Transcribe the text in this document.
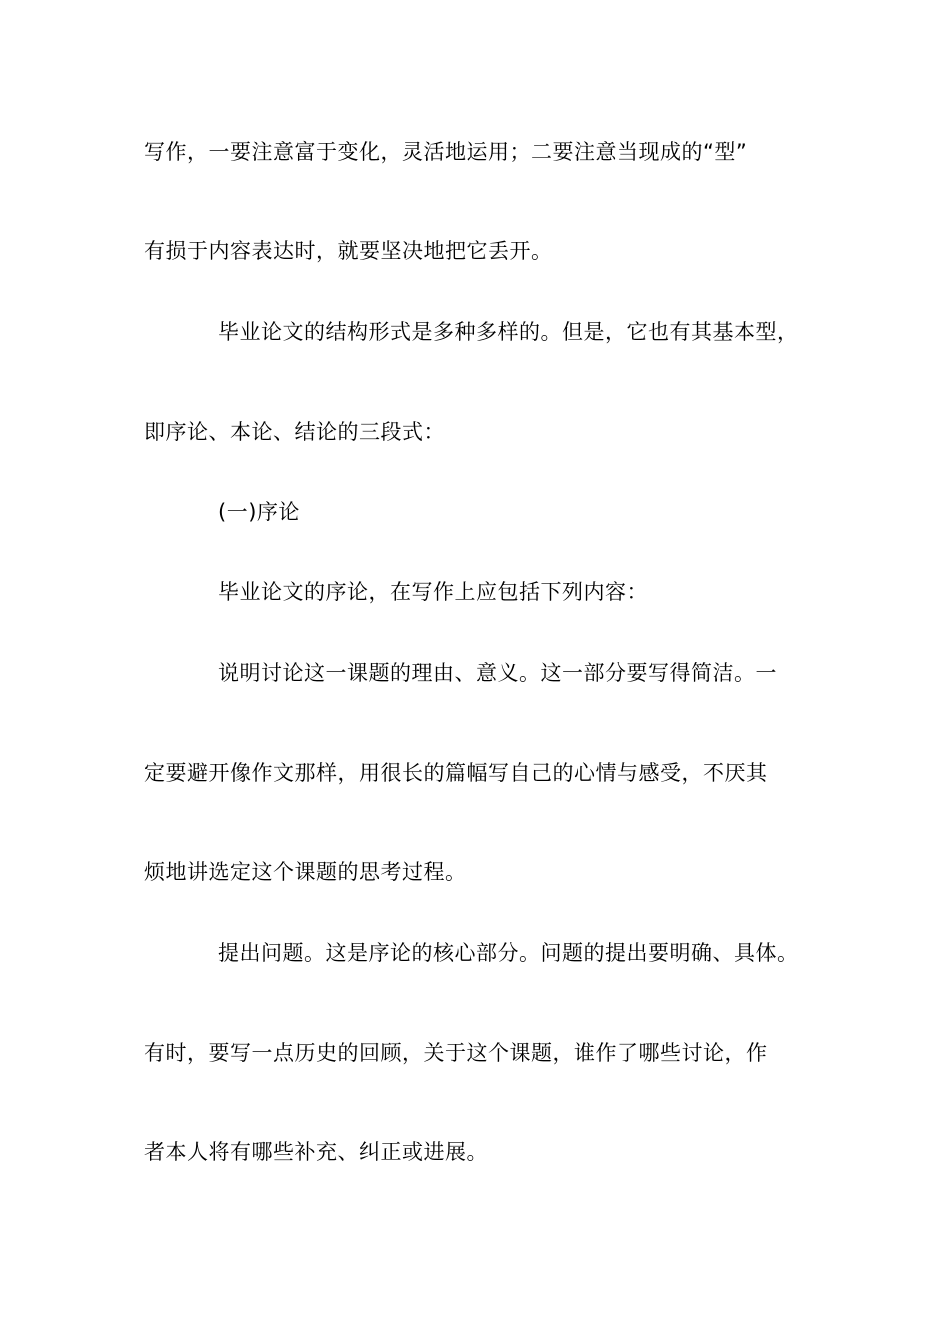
写作，一要注意富于变化，灵活地运用；二要注意当现成的“型”
有损于内容表达时，就要坚决地把它丢开。
毕业论文的结构形式是多种多样的。但是，它也有其基本型，
即序论、本论、结论的三段式：
(一)序论
毕业论文的序论，在写作上应包括下列内容：
说明讨论这一课题的理由、意义。这一部分要写得简洁。一
定要避开像作文那样，用很长的篇幅写自己的心情与感受，不厌其
烦地讲选定这个课题的思考过程。
提出问题。这是序论的核心部分。问题的提出要明确、具体。
有时，要写一点历史的回顾，关于这个课题，谁作了哪些讨论，作
者本人将有哪些补充、纠正或进展。
